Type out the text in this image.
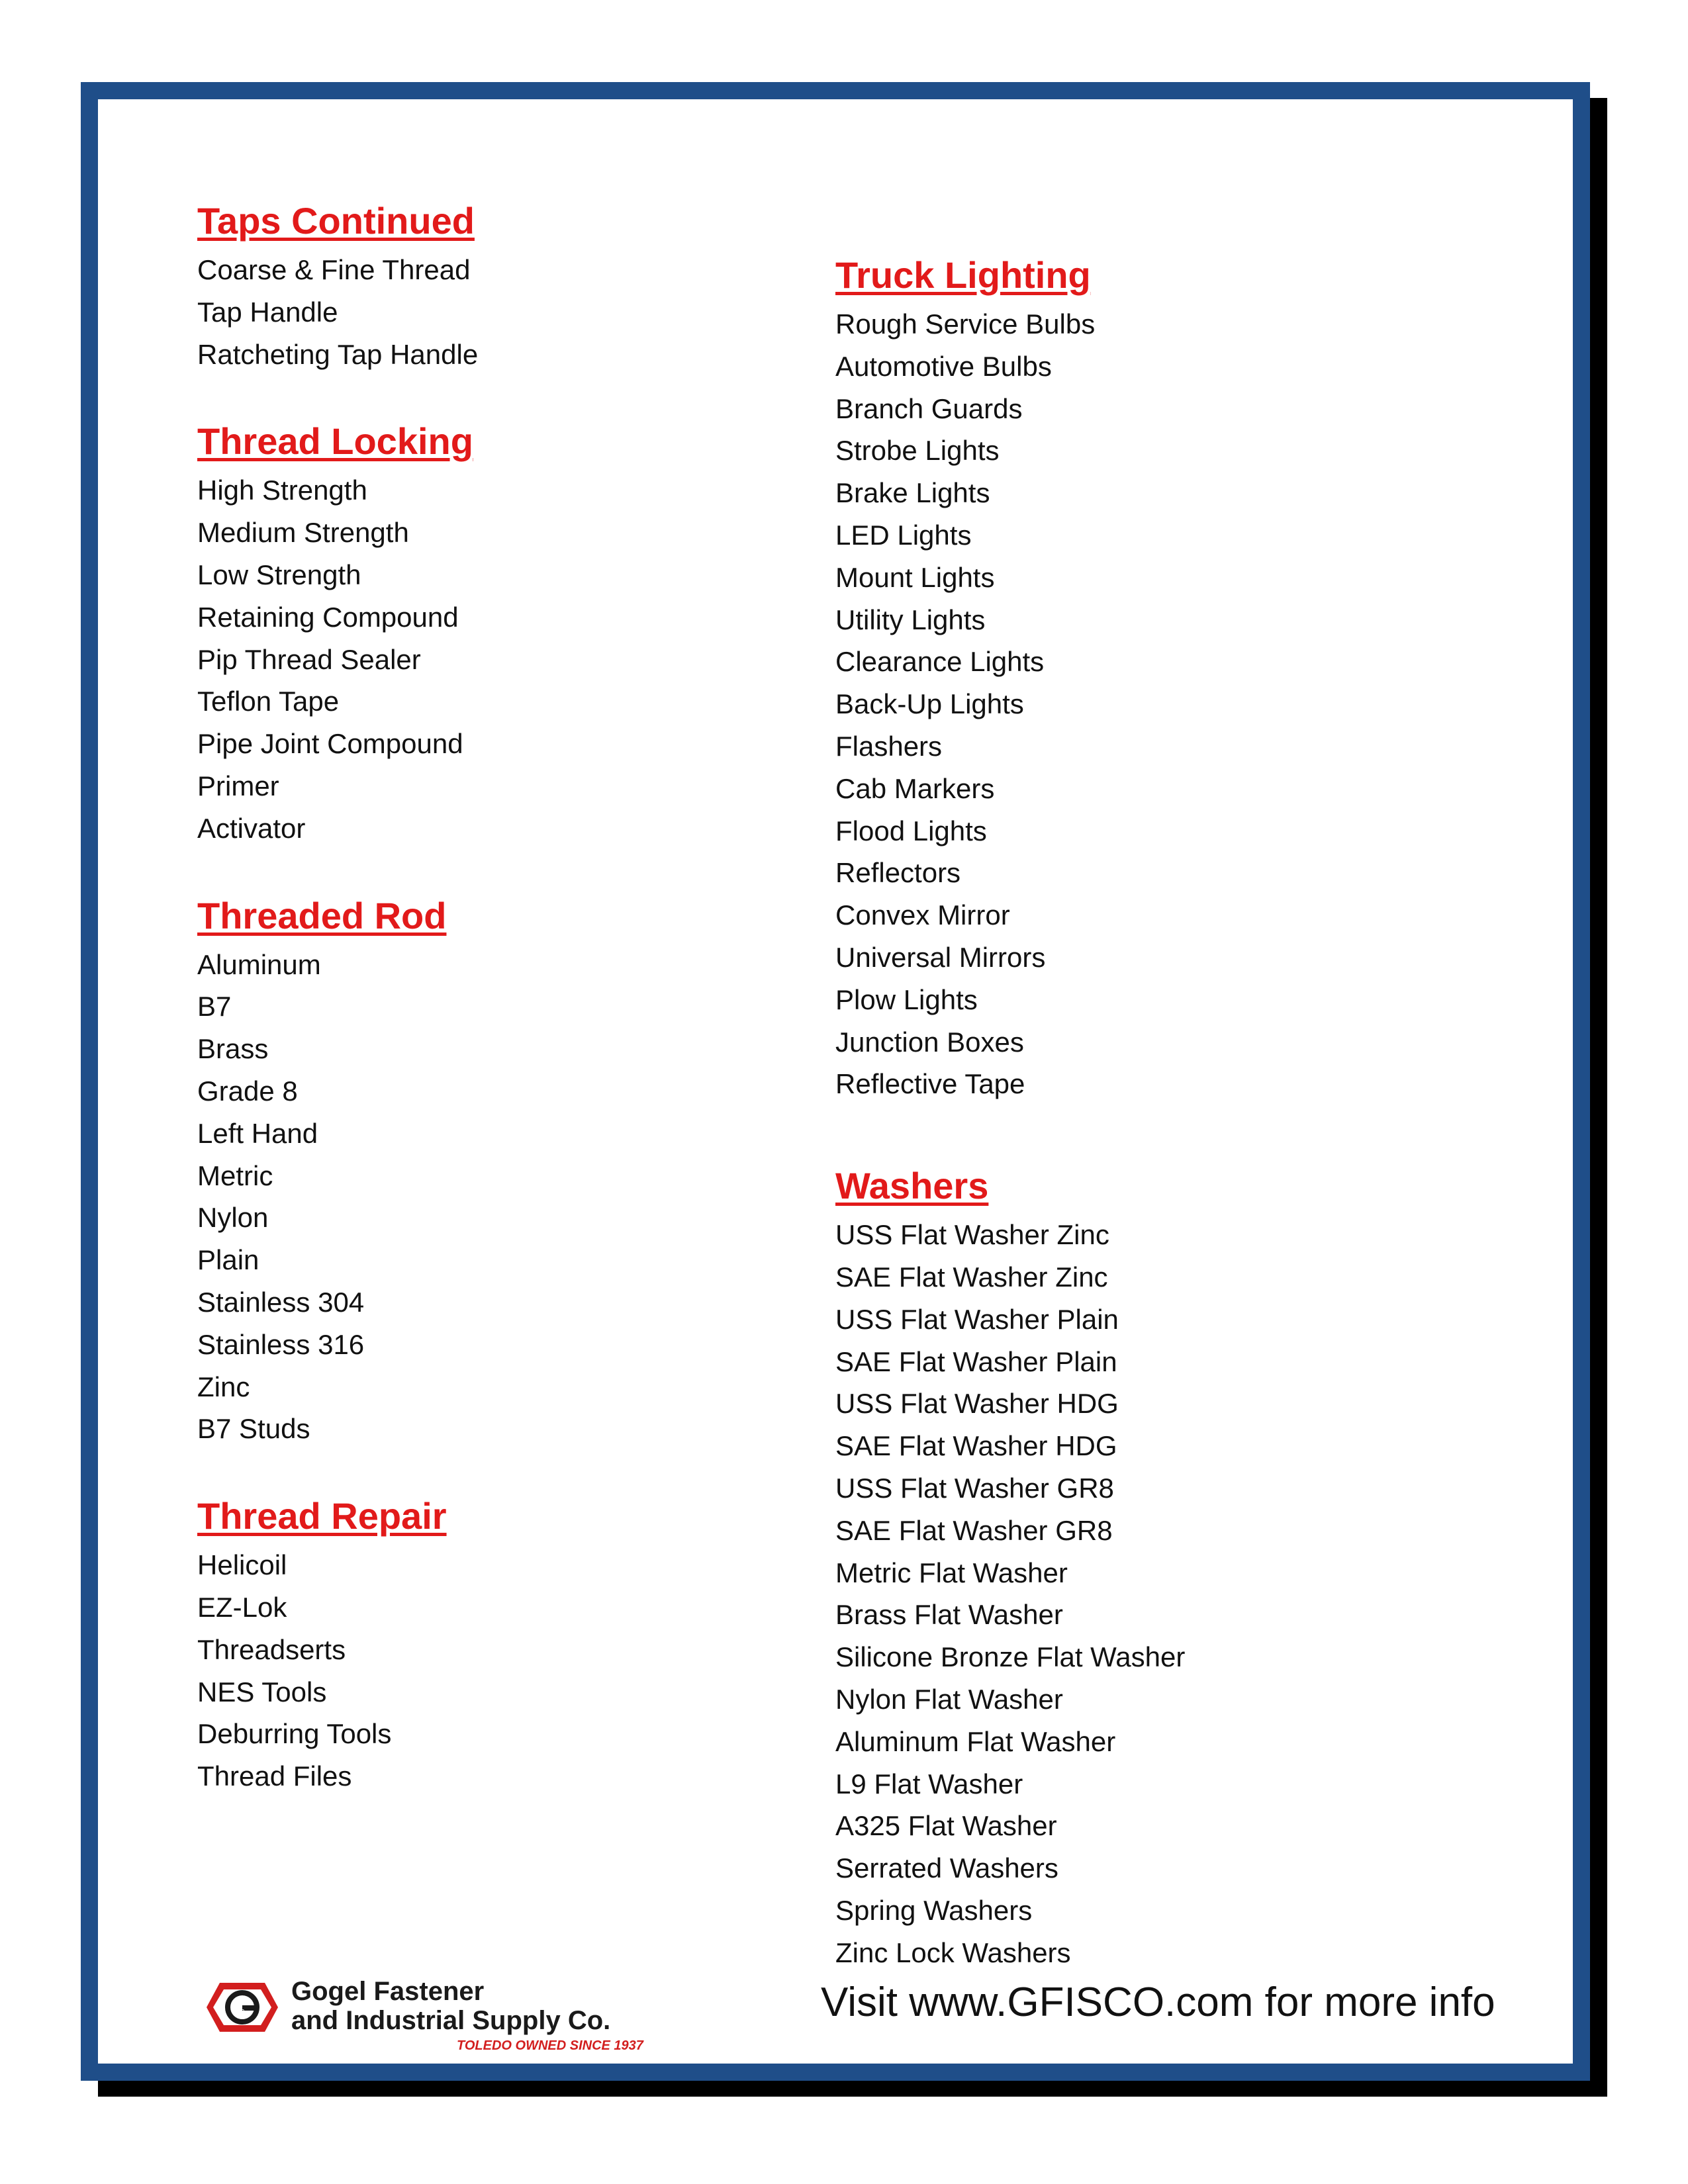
Taps Continued
Coarse & Fine Thread
Tap Handle
Ratcheting Tap Handle
Thread Locking
High Strength
Medium Strength
Low Strength
Retaining Compound
Pip Thread Sealer
Teflon Tape
Pipe Joint Compound
Primer
Activator
Threaded Rod
Aluminum
B7
Brass
Grade 8
Left Hand
Metric
Nylon
Plain
Stainless 304
Stainless 316
Zinc
B7 Studs
Thread Repair
Helicoil
EZ-Lok
Threadserts
NES Tools
Deburring Tools
Thread Files
Truck Lighting
Rough Service Bulbs
Automotive Bulbs
Branch Guards
Strobe Lights
Brake Lights
LED Lights
Mount Lights
Utility Lights
Clearance Lights
Back-Up Lights
Flashers
Cab Markers
Flood Lights
Reflectors
Convex Mirror
Universal Mirrors
Plow Lights
Junction Boxes
Reflective Tape
Washers
USS Flat Washer Zinc
SAE Flat Washer Zinc
USS Flat Washer Plain
SAE Flat Washer Plain
USS Flat Washer HDG
SAE Flat Washer HDG
USS Flat Washer GR8
SAE Flat Washer GR8
Metric Flat Washer
Brass Flat Washer
Silicone Bronze Flat Washer
Nylon Flat Washer
Aluminum Flat Washer
L9 Flat Washer
A325 Flat Washer
Serrated Washers
Spring Washers
Zinc Lock Washers
G
Gogel Fastener
and Industrial Supply Co.
TOLEDO OWNED SINCE 1937
Visit www.GFISCO.com for more info
